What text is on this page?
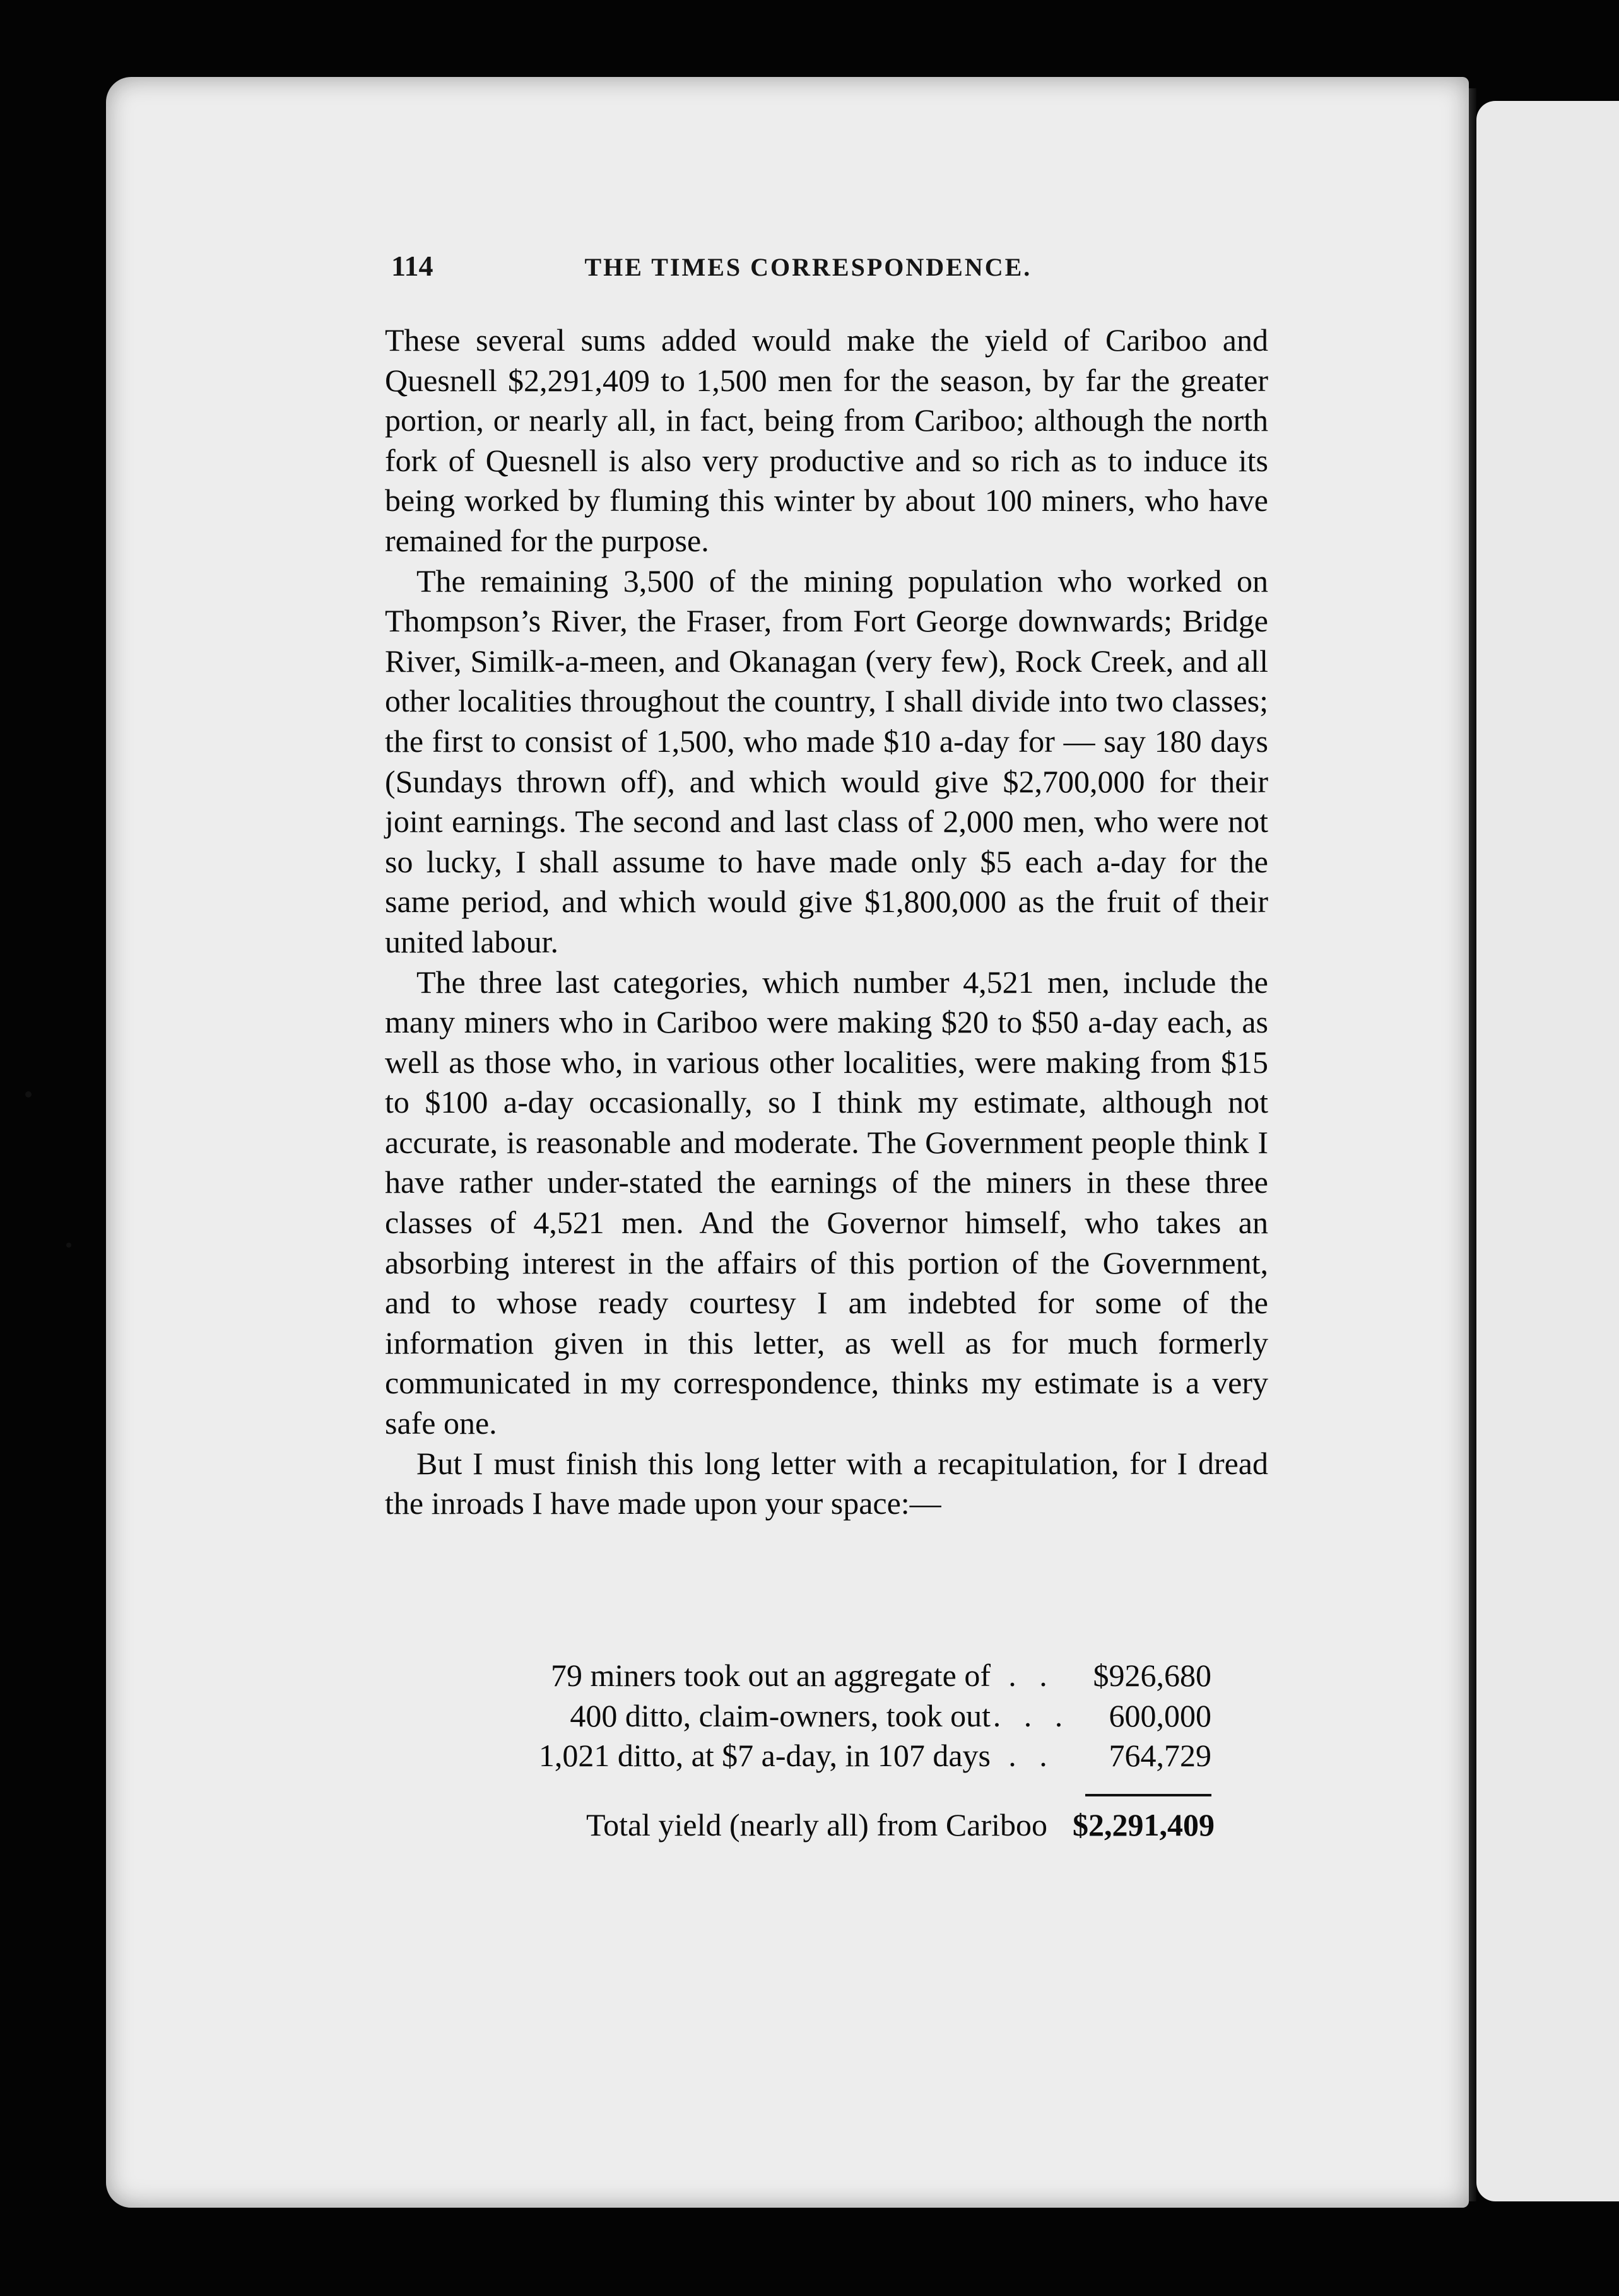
114	THE TIMES CORRESPONDENCE.

These several sums added would make the yield of Cariboo and Quesnell $2,291,409 to 1,500 men for the season, by far the greater portion, or nearly all, in fact, being from Cariboo; although the north fork of Quesnell is also very productive and so rich as to induce its being worked by fluming this winter by about 100 miners, who have remained for the purpose.

The remaining 3,500 of the mining population who worked on Thompson’s River, the Fraser, from Fort George downwards; Bridge River, Similk-a-meen, and Okanagan (very few), Rock Creek, and all other localities throughout the country, I shall divide into two classes; the first to consist of 1,500, who made $10 a-day for — say 180 days (Sundays thrown off), and which would give $2,700,000 for their joint earnings. The second and last class of 2,000 men, who were not so lucky, I shall assume to have made only $5 each a-day for the same period, and which would give $1,800,000 as the fruit of their united labour.

The three last categories, which number 4,521 men, include the many miners who in Cariboo were making $20 to $50 a-day each, as well as those who, in various other localities, were making from $15 to $100 a-day occasionally, so I think my estimate, although not accurate, is reasonable and moderate. The Government people think I have rather under-stated the earnings of the miners in these three classes of 4,521 men. And the Governor himself, who takes an absorbing interest in the affairs of this portion of the Government, and to whose ready courtesy I am indebted for some of the information given in this letter, as well as for much formerly communicated in my correspondence, thinks my estimate is a very safe one.

But I must finish this long letter with a recapitulation, for I dread the inroads I have made upon your space:—

79 miners took out an aggregate of . .	$926,680
400 ditto, claim-owners, took out . . .	600,000
1,021 ditto, at $7 a-day, in 107 days . .	764,729
Total yield (nearly all) from Cariboo $2,291,409
